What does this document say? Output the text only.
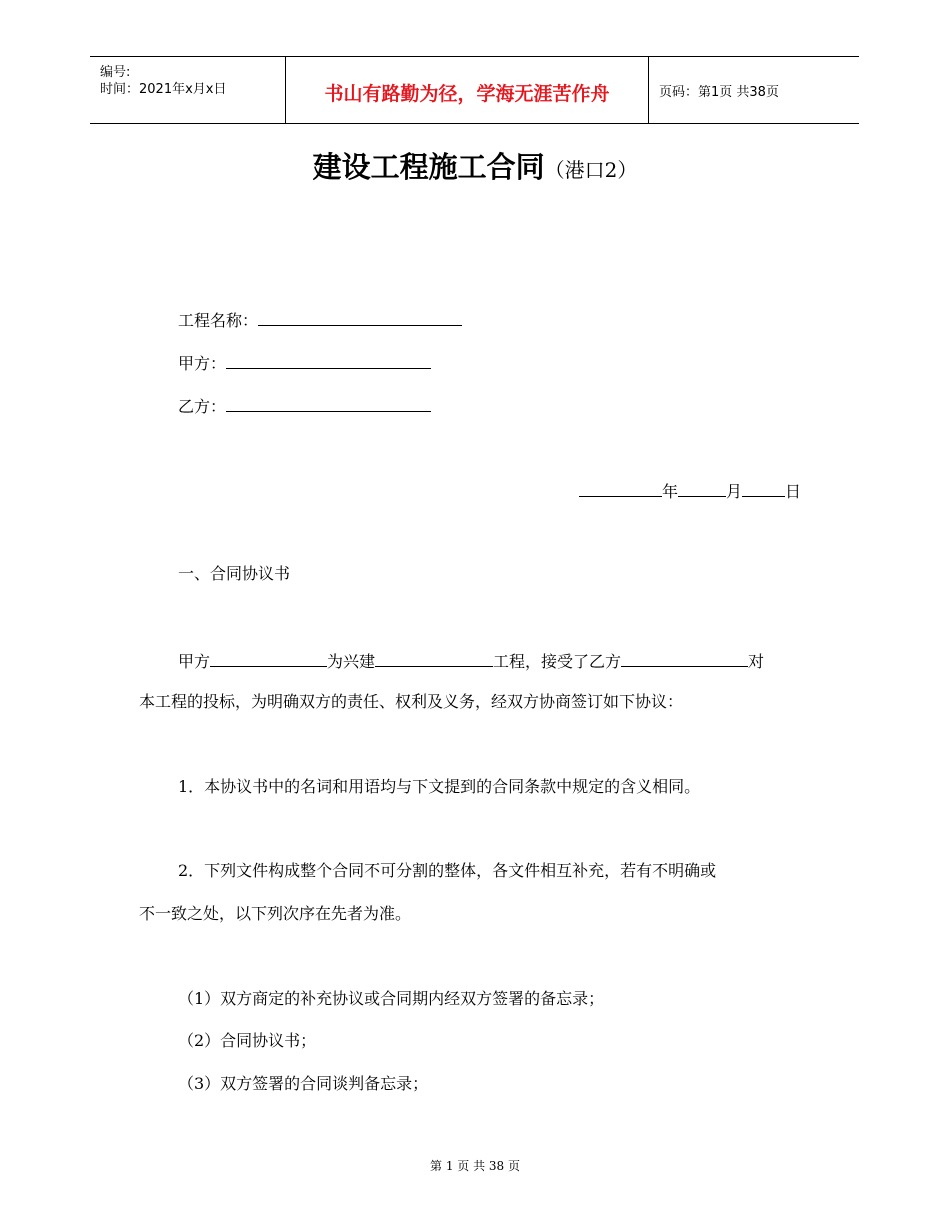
编号:
时间：2021年x月x日	书山有路勤为径，学海无涯苦作舟	页码：第1页 共38页
建设工程施工合同（港口2）
工程名称：
甲方：
乙方：
年	月	日
一、合同协议书
甲方	为兴建	工程，接受了乙方	对
本工程的投标，为明确双方的责任、权利及义务，经双方协商签订如下协议：
1．本协议书中的名词和用语均与下文提到的合同条款中规定的含义相同。
2．下列文件构成整个合同不可分割的整体，各文件相互补充，若有不明确或
不一致之处，以下列次序在先者为准。
（1）双方商定的补充协议或合同期内经双方签署的备忘录；
（2）合同协议书；
（3）双方签署的合同谈判备忘录；
第 1 页 共 38 页
